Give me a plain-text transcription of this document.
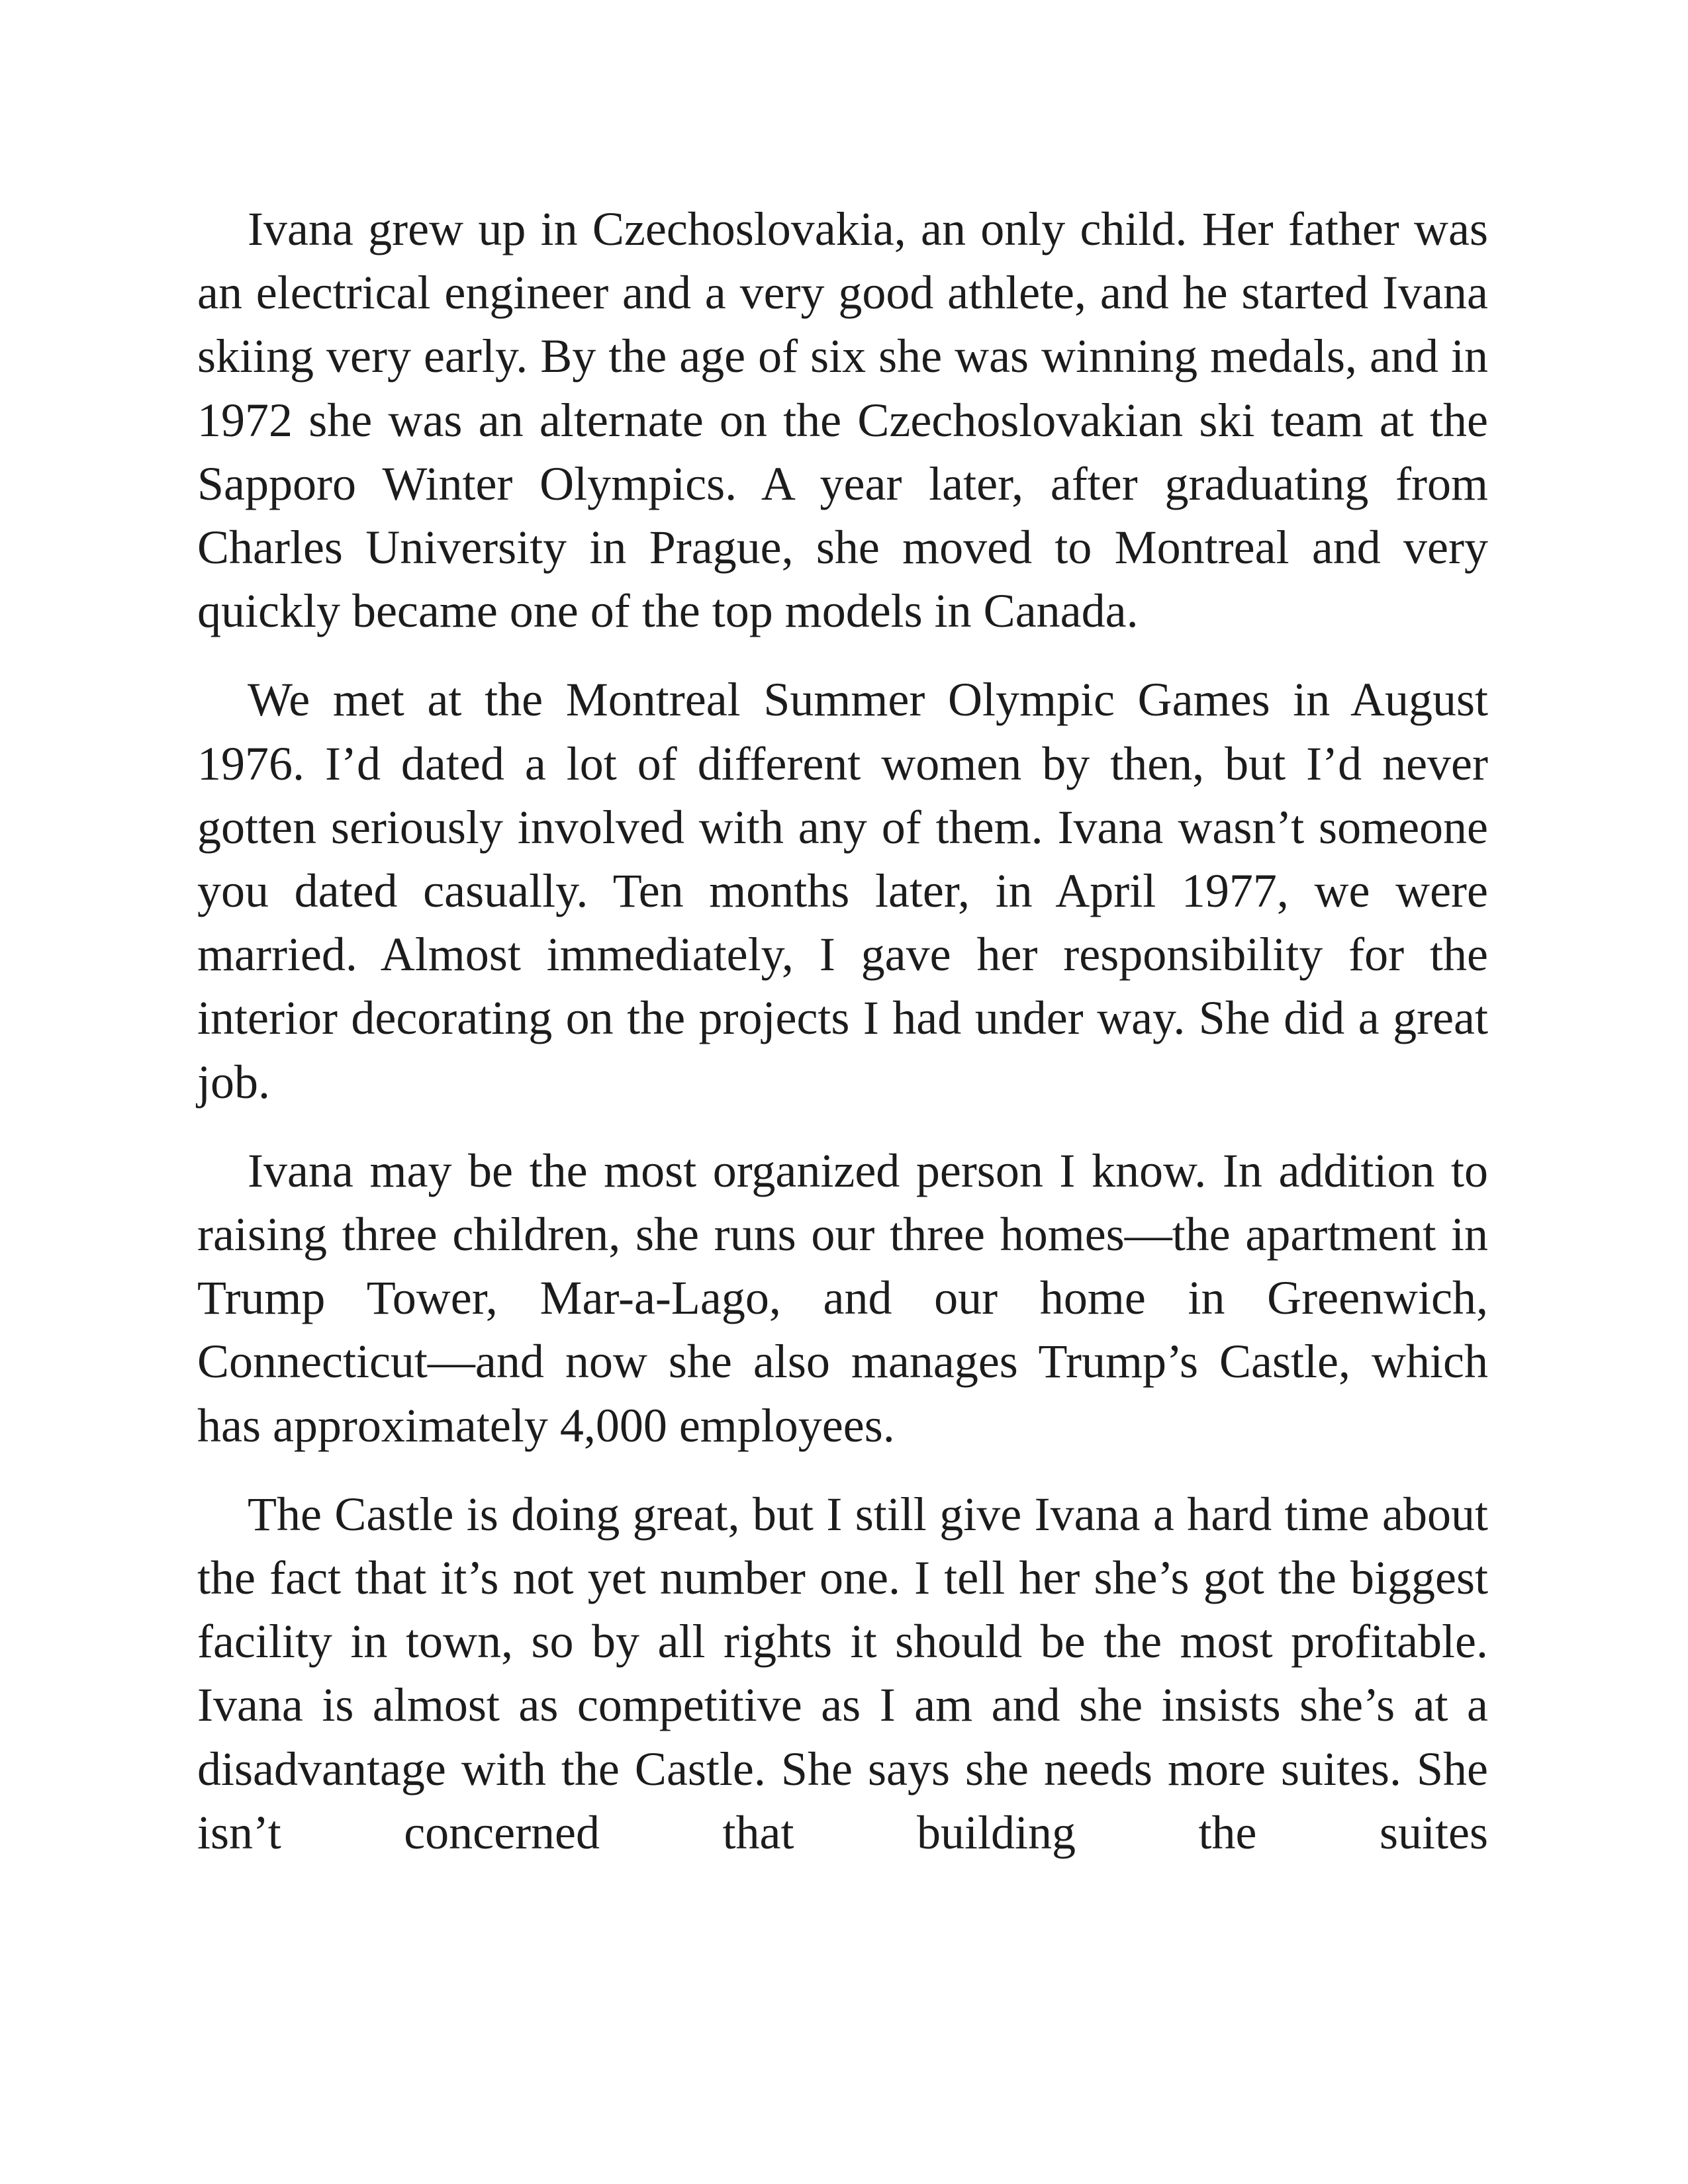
Ivana grew up in Czechoslovakia, an only child. Her father was an electrical engineer and a very good athlete, and he started Ivana skiing very early. By the age of six she was winning medals, and in 1972 she was an alternate on the Czechoslovakian ski team at the Sapporo Winter Olympics. A year later, after graduating from Charles University in Prague, she moved to Montreal and very quickly became one of the top models in Canada.

We met at the Montreal Summer Olympic Games in August 1976. I’d dated a lot of different women by then, but I’d never gotten seriously involved with any of them. Ivana wasn’t someone you dated casually. Ten months later, in April 1977, we were married. Almost immediately, I gave her responsibility for the interior decorating on the projects I had under way. She did a great job.

Ivana may be the most organized person I know. In addition to raising three children, she runs our three homes—the apartment in Trump Tower, Mar-a-Lago, and our home in Greenwich, Connecticut—and now she also manages Trump’s Castle, which has approximately 4,000 employees.

The Castle is doing great, but I still give Ivana a hard time about the fact that it’s not yet number one. I tell her she’s got the biggest facility in town, so by all rights it should be the most profitable. Ivana is almost as competitive as I am and she insists she’s at a disadvantage with the Castle. She says she needs more suites. She isn’t concerned that building the suites
